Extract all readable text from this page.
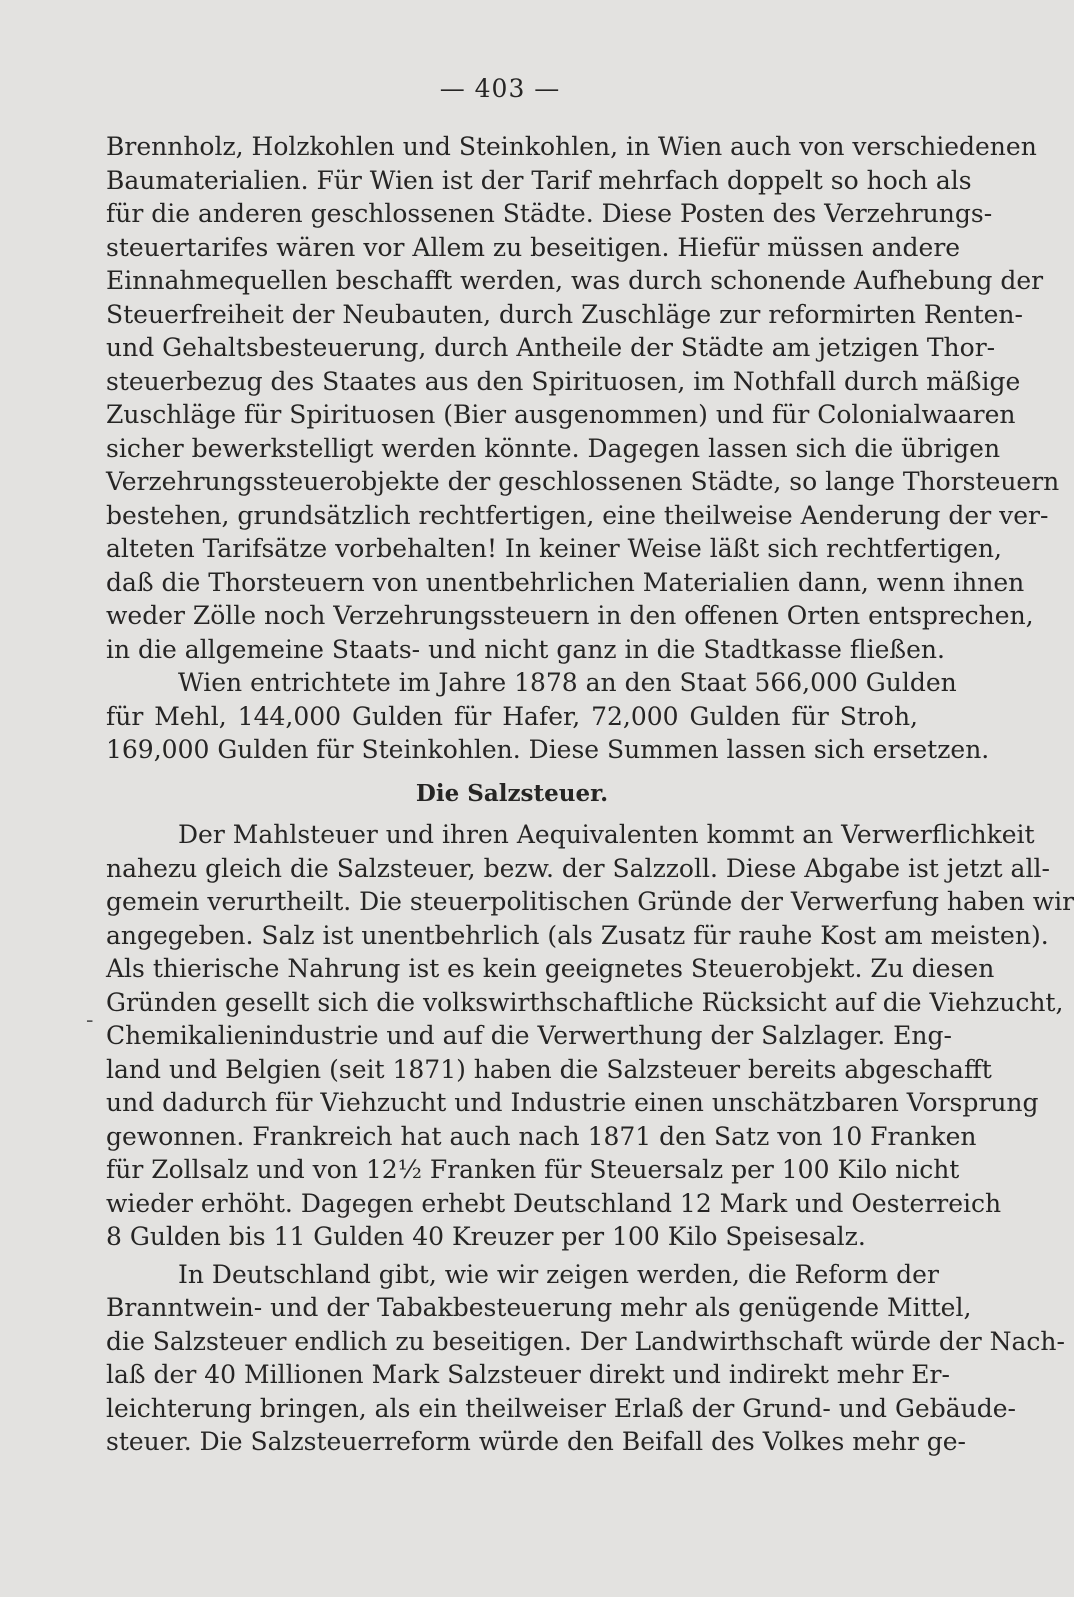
— 403 —
-
Brennholz, Holzkohlen und Steinkohlen, in Wien auch von verschiedenen
Baumaterialien. Für Wien ist der Tarif mehrfach doppelt so hoch als
für die anderen geschlossenen Städte. Diese Posten des Verzehrungs-
steuertarifes wären vor Allem zu beseitigen. Hiefür müssen andere
Einnahmequellen beschafft werden, was durch schonende Aufhebung der
Steuerfreiheit der Neubauten, durch Zuschläge zur reformirten Renten-
und Gehaltsbesteuerung, durch Antheile der Städte am jetzigen Thor-
steuerbezug des Staates aus den Spirituosen, im Nothfall durch mäßige
Zuschläge für Spirituosen (Bier ausgenommen) und für Colonialwaaren
sicher bewerkstelligt werden könnte. Dagegen lassen sich die übrigen
Verzehrungssteuerobjekte der geschlossenen Städte, so lange Thorsteuern
bestehen, grundsätzlich rechtfertigen, eine theilweise Aenderung der ver-
alteten Tarifsätze vorbehalten! In keiner Weise läßt sich rechtfertigen,
daß die Thorsteuern von unentbehrlichen Materialien dann, wenn ihnen
weder Zölle noch Verzehrungssteuern in den offenen Orten entsprechen,
in die allgemeine Staats- und nicht ganz in die Stadtkasse fließen.
Wien entrichtete im Jahre 1878 an den Staat 566,000 Gulden
für Mehl, 144,000 Gulden für Hafer, 72,000 Gulden für Stroh,
169,000 Gulden für Steinkohlen. Diese Summen lassen sich ersetzen.
Die Salzsteuer.
Der Mahlsteuer und ihren Aequivalenten kommt an Verwerflichkeit
nahezu gleich die Salzsteuer, bezw. der Salzzoll. Diese Abgabe ist jetzt all-
gemein verurtheilt. Die steuerpolitischen Gründe der Verwerfung haben wir
angegeben. Salz ist unentbehrlich (als Zusatz für rauhe Kost am meisten).
Als thierische Nahrung ist es kein geeignetes Steuerobjekt. Zu diesen
Gründen gesellt sich die volkswirthschaftliche Rücksicht auf die Viehzucht,
Chemikalienindustrie und auf die Verwerthung der Salzlager. Eng-
land und Belgien (seit 1871) haben die Salzsteuer bereits abgeschafft
und dadurch für Viehzucht und Industrie einen unschätzbaren Vorsprung
gewonnen. Frankreich hat auch nach 1871 den Satz von 10 Franken
für Zollsalz und von 12½ Franken für Steuersalz per 100 Kilo nicht
wieder erhöht. Dagegen erhebt Deutschland 12 Mark und Oesterreich
8 Gulden bis 11 Gulden 40 Kreuzer per 100 Kilo Speisesalz.
In Deutschland gibt, wie wir zeigen werden, die Reform der
Branntwein- und der Tabakbesteuerung mehr als genügende Mittel,
die Salzsteuer endlich zu beseitigen. Der Landwirthschaft würde der Nach-
laß der 40 Millionen Mark Salzsteuer direkt und indirekt mehr Er-
leichterung bringen, als ein theilweiser Erlaß der Grund- und Gebäude-
steuer. Die Salzsteuerreform würde den Beifall des Volkes mehr ge-
